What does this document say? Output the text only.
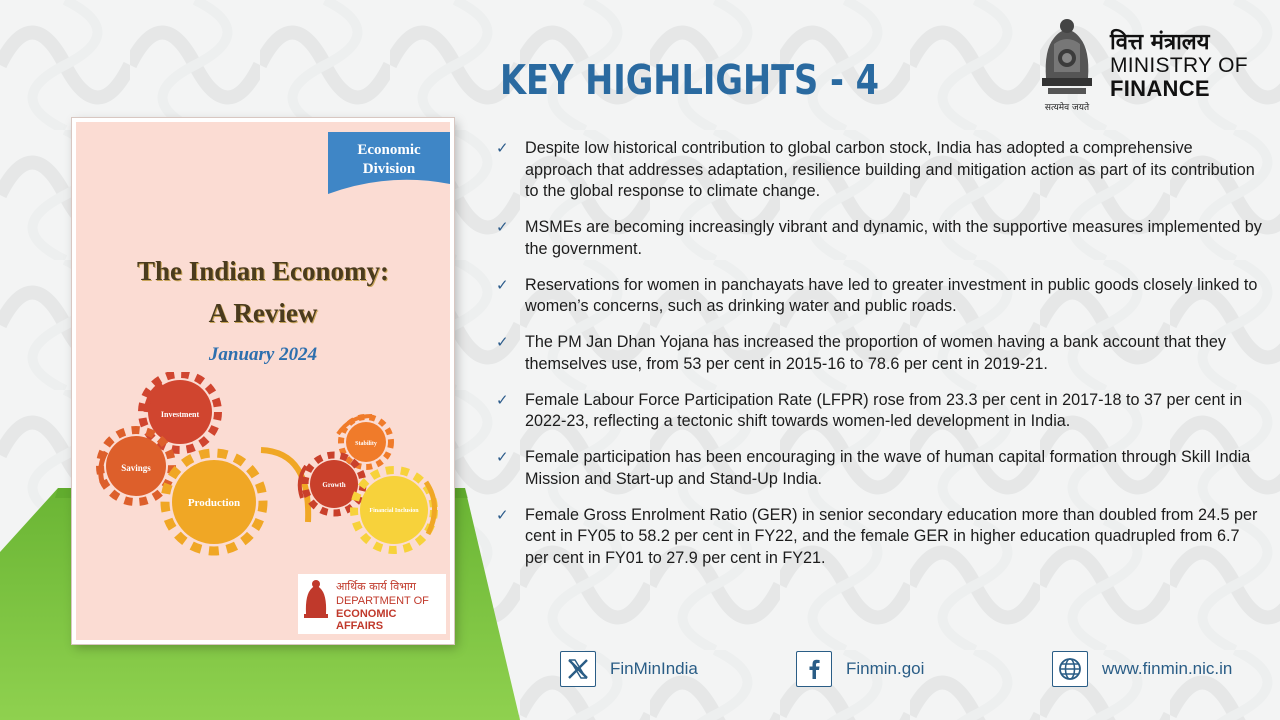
KEY HIGHLIGHTS - 4
सत्यमेव जयते
वित्त मंत्रालय
MINISTRY OF
FINANCE
Economic
Division
The Indian Economy:
A Review
January 2024
Investment
Savings
Production
Stability
Growth
Financial Inclusion
आर्थिक कार्य विभाग
DEPARTMENT OF
ECONOMIC AFFAIRS
✓ Despite low historical contribution to global carbon stock, India has adopted a comprehensive approach that addresses adaptation, resilience building and mitigation action as part of its contribution to the global response to climate change.
✓ MSMEs are becoming increasingly vibrant and dynamic, with the supportive measures implemented by the government.
✓ Reservations for women in panchayats have led to greater investment in public goods closely linked to women’s concerns, such as drinking water and public roads.
✓ The PM Jan Dhan Yojana has increased the proportion of women having a bank account that they themselves use, from 53 per cent in 2015-16 to 78.6 per cent in 2019-21.
✓ Female Labour Force Participation Rate (LFPR) rose from 23.3 per cent in 2017-18 to 37 per cent in 2022-23, reflecting a tectonic shift towards women-led development in India.
✓ Female participation has been encouraging in the wave of human capital formation through Skill India Mission and Start-up and Stand-Up India.
✓ Female Gross Enrolment Ratio (GER) in senior secondary education more than doubled from 24.5 per cent in FY05 to 58.2 per cent in FY22, and the female GER in higher education quadrupled from 6.7 per cent in FY01 to 27.9 per cent in FY21.
FinMinIndia	Finmin.goi	www.finmin.nic.in
